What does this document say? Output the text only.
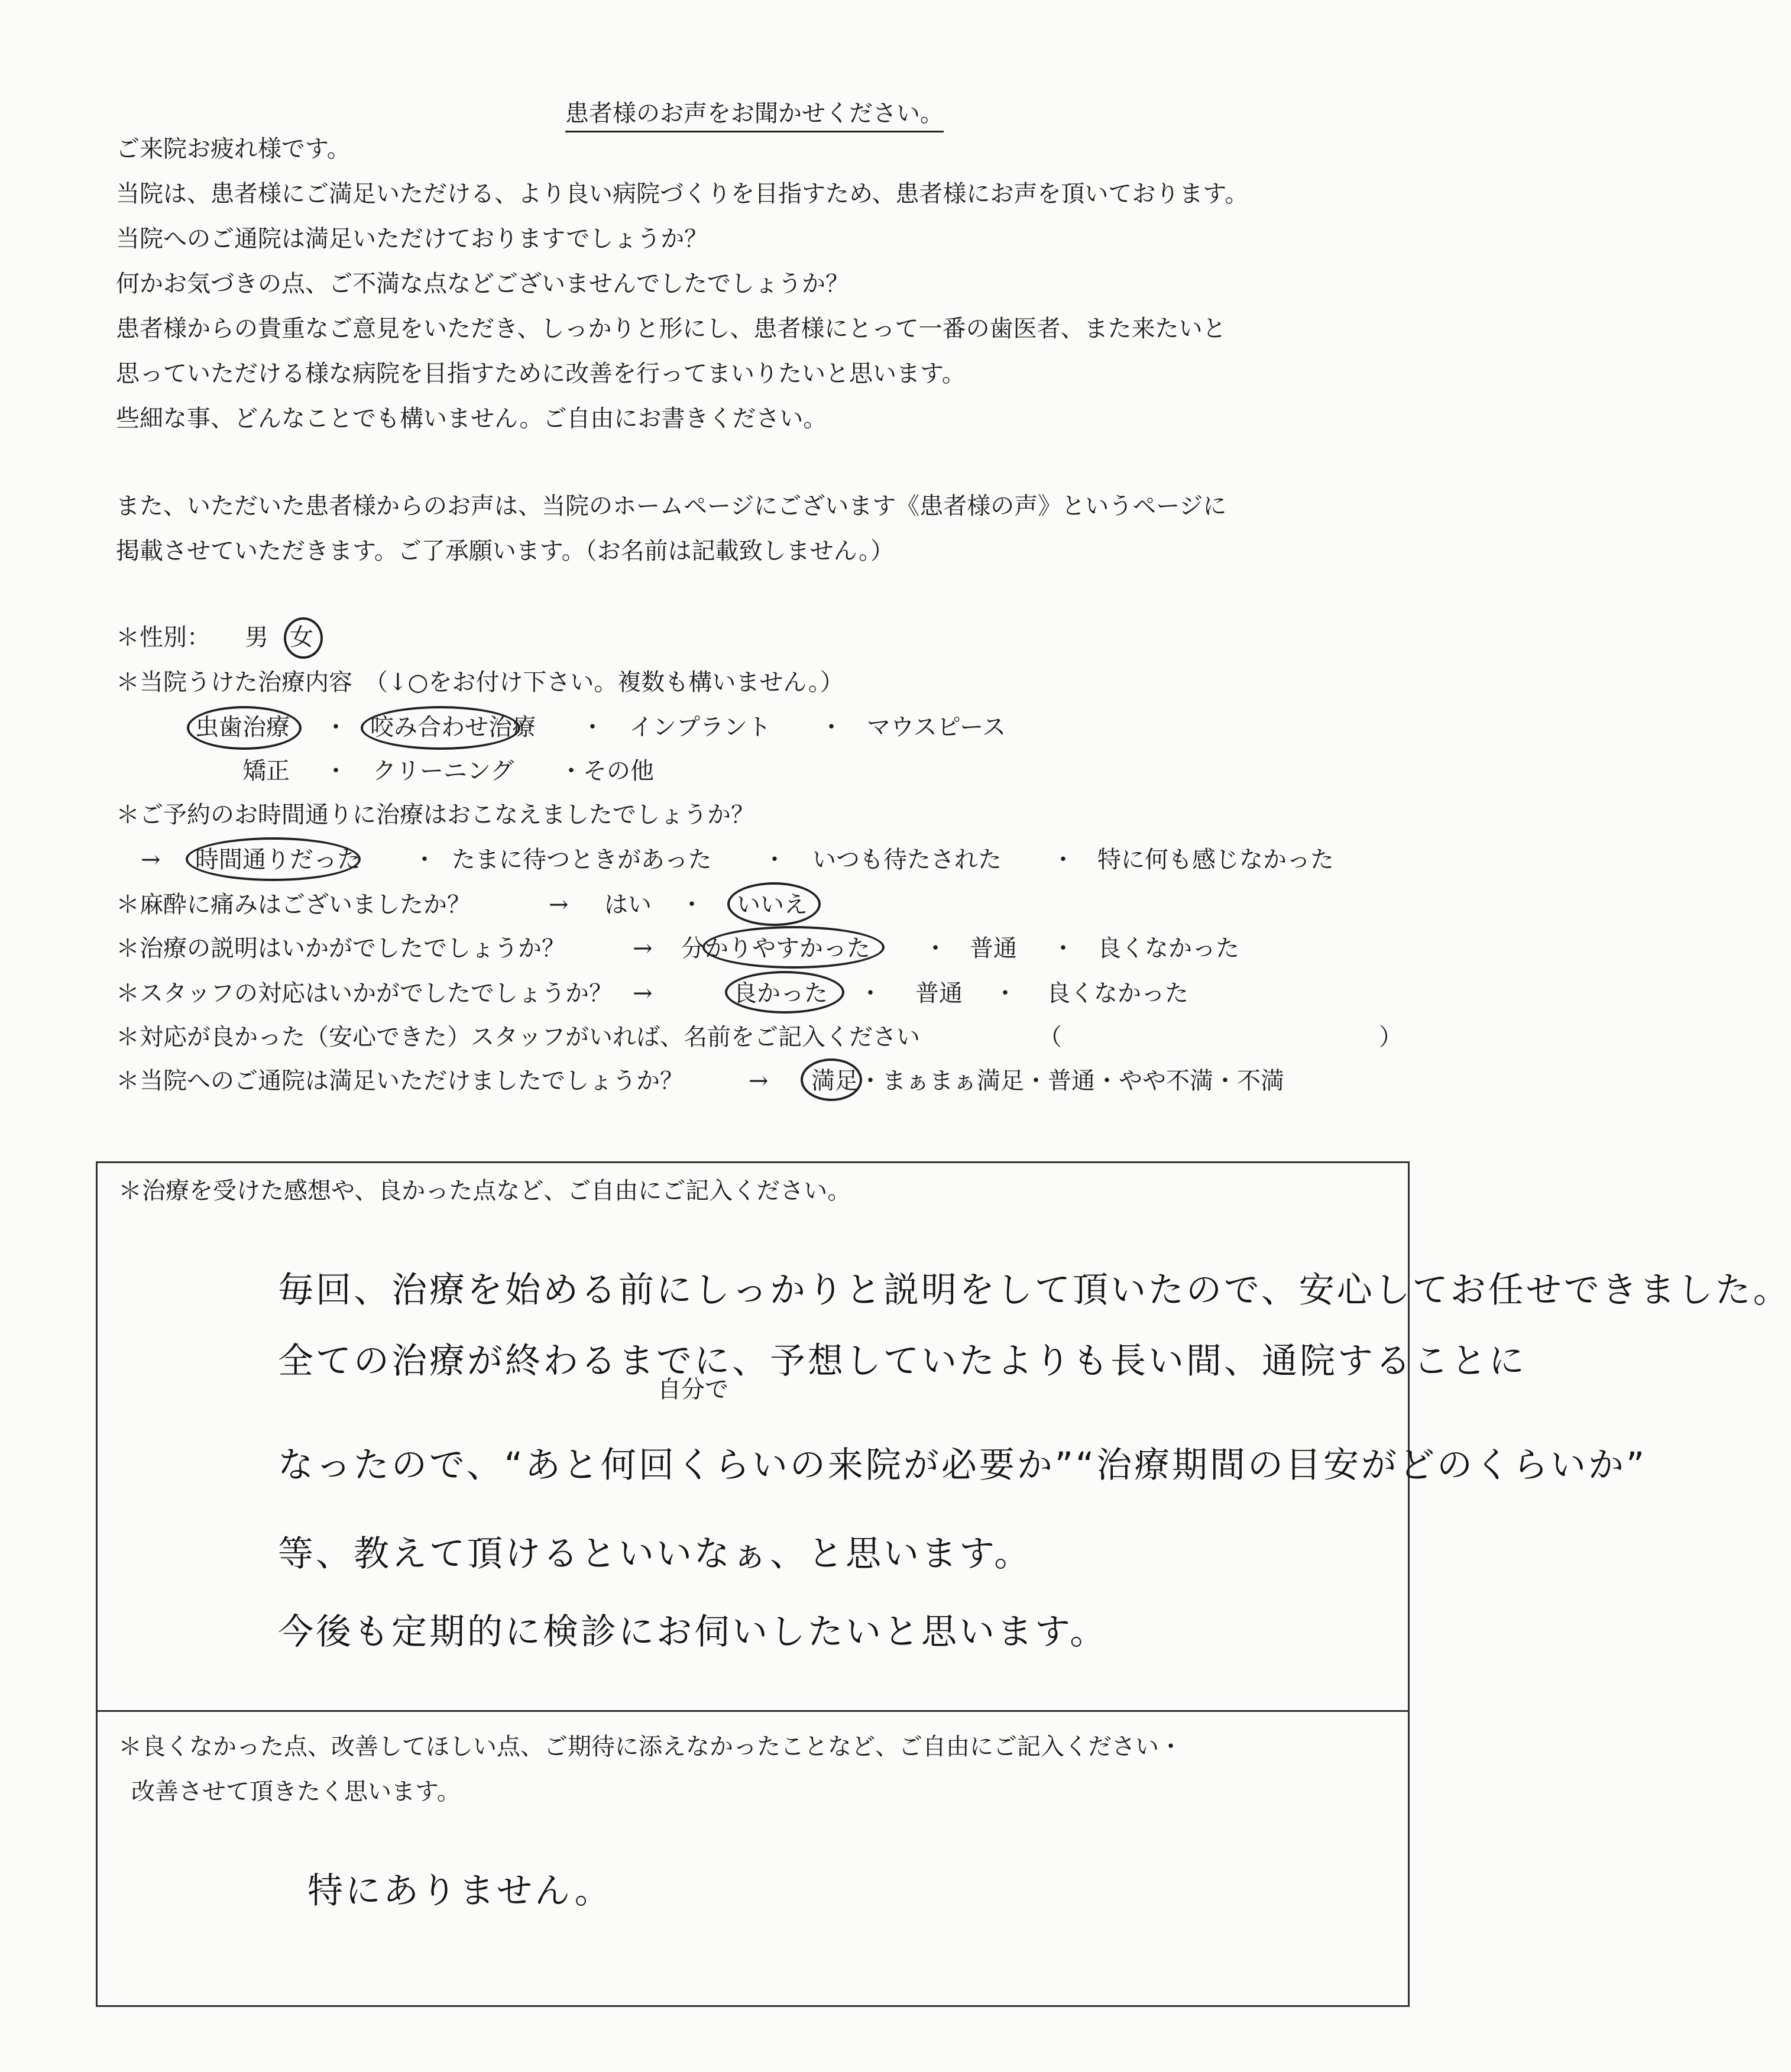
患者様のお声をお聞かせください。
ご来院お疲れ様です。
当院は、患者様にご満足いただける、より良い病院づくりを目指すため、患者様にお声を頂いております。
当院へのご通院は満足いただけておりますでしょうか？
何かお気づきの点、ご不満な点などございませんでしたでしょうか？
患者様からの貴重なご意見をいただき、しっかりと形にし、患者様にとって一番の歯医者、また来たいと
思っていただける様な病院を目指すために改善を行ってまいりたいと思います。
些細な事、どんなことでも構いません。ご自由にお書きください。
また、いただいた患者様からのお声は、当院のホームページにございます《患者様の声》というページに
掲載させていただきます。ご了承願います。（お名前は記載致しません。）
＊性別： 男 女
＊当院うけた治療内容　（↓○をお付け下さい。複数も構いません。）
虫歯治療 ・ 咬み合わせ治療 ・ インプラント ・ マウスピース
矯正 ・ クリーニング ・その他
＊ご予約のお時間通りに治療はおこなえましたでしょうか？
→ 時間通りだった ・ たまに待つときがあった ・ いつも待たされた ・ 特に何も感じなかった
＊麻酔に痛みはございましたか？	→ はい ・ いいえ
＊治療の説明はいかがでしたでしょうか？	→ 分かりやすかった ・ 普通 ・ 良くなかった
＊スタッフの対応はいかがでしたでしょうか？ →	良かった ・ 普通 ・ 良くなかった
＊対応が良かった（安心できた）スタッフがいれば、名前をご記入ください	（	）
＊当院へのご通院は満足いただけましたでしょうか？	→ 満足・まぁまぁ満足・普通・やや不満・不満
＊治療を受けた感想や、良かった点など、ご自由にご記入ください。
毎回、治療を始める前にしっかりと説明をして頂いたので、安心してお任せできました。
全ての治療が終わるまでに、予想していたよりも長い間、通院することに
自分で
なったので、“あと何回くらいの来院が必要か”“治療期間の目安がどのくらいか”
等、教えて頂けるといいなぁ、と思います。
今後も定期的に検診にお伺いしたいと思います。
＊良くなかった点、改善してほしい点、ご期待に添えなかったことなど、ご自由にご記入ください・
改善させて頂きたく思います。
特にありません。
